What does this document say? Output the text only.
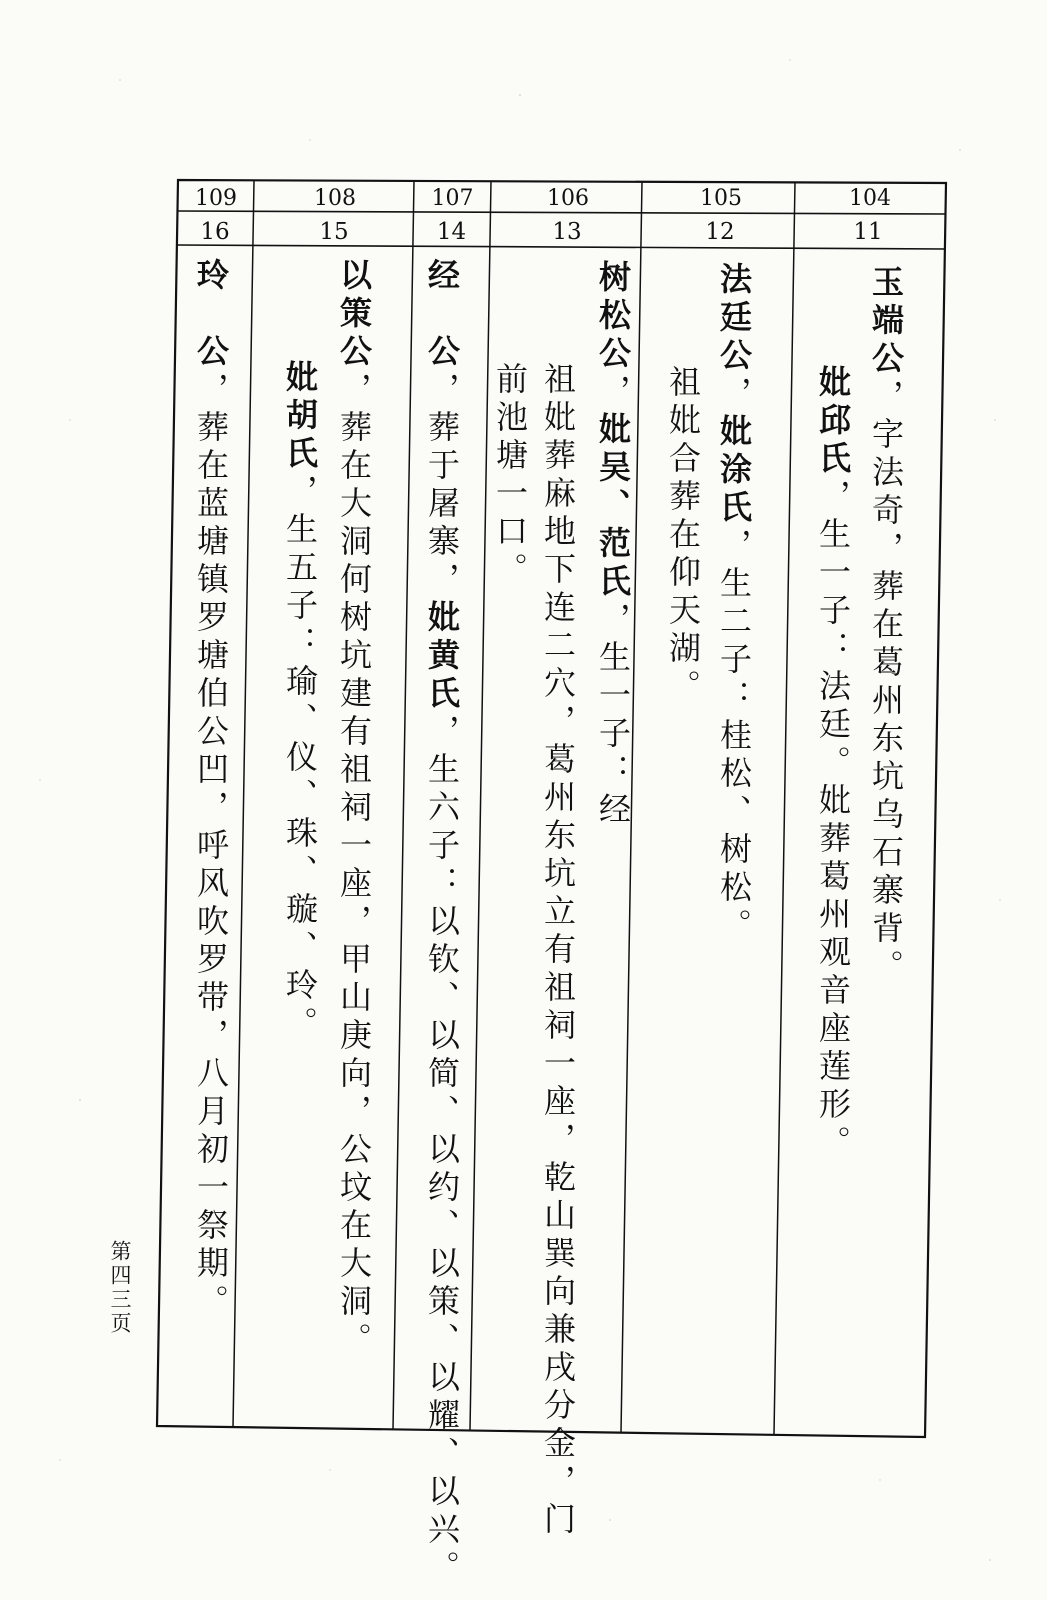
104
105
106
107
108
109
11
12
13
14
15
16
玉端公，字法奇，葬在葛州东坑乌石寨背。
妣邱氏，生一子：法廷。妣葬葛州观音座莲形。
法廷公，妣涂氏，生二子：桂松、树松。
祖妣合葬在仰天湖。
树松公，妣吴、范氏，生一子：经
祖妣葬麻地下连二穴，葛州东坑立有祖祠一座，乾山巽向兼戌分金，门
前池塘一口。
经　公，葬于屠寨，妣黄氏，生六子：以钦、以简、以约、以策、以耀、以兴。
以策公，葬在大洞何树坑建有祖祠一座，甲山庚向，公坟在大洞。
妣胡氏，生五子：瑜、仪、珠、璇、玲。
玲　公，葬在蓝塘镇罗塘伯公凹，呼风吹罗带，八月初一祭期。
第四三页
